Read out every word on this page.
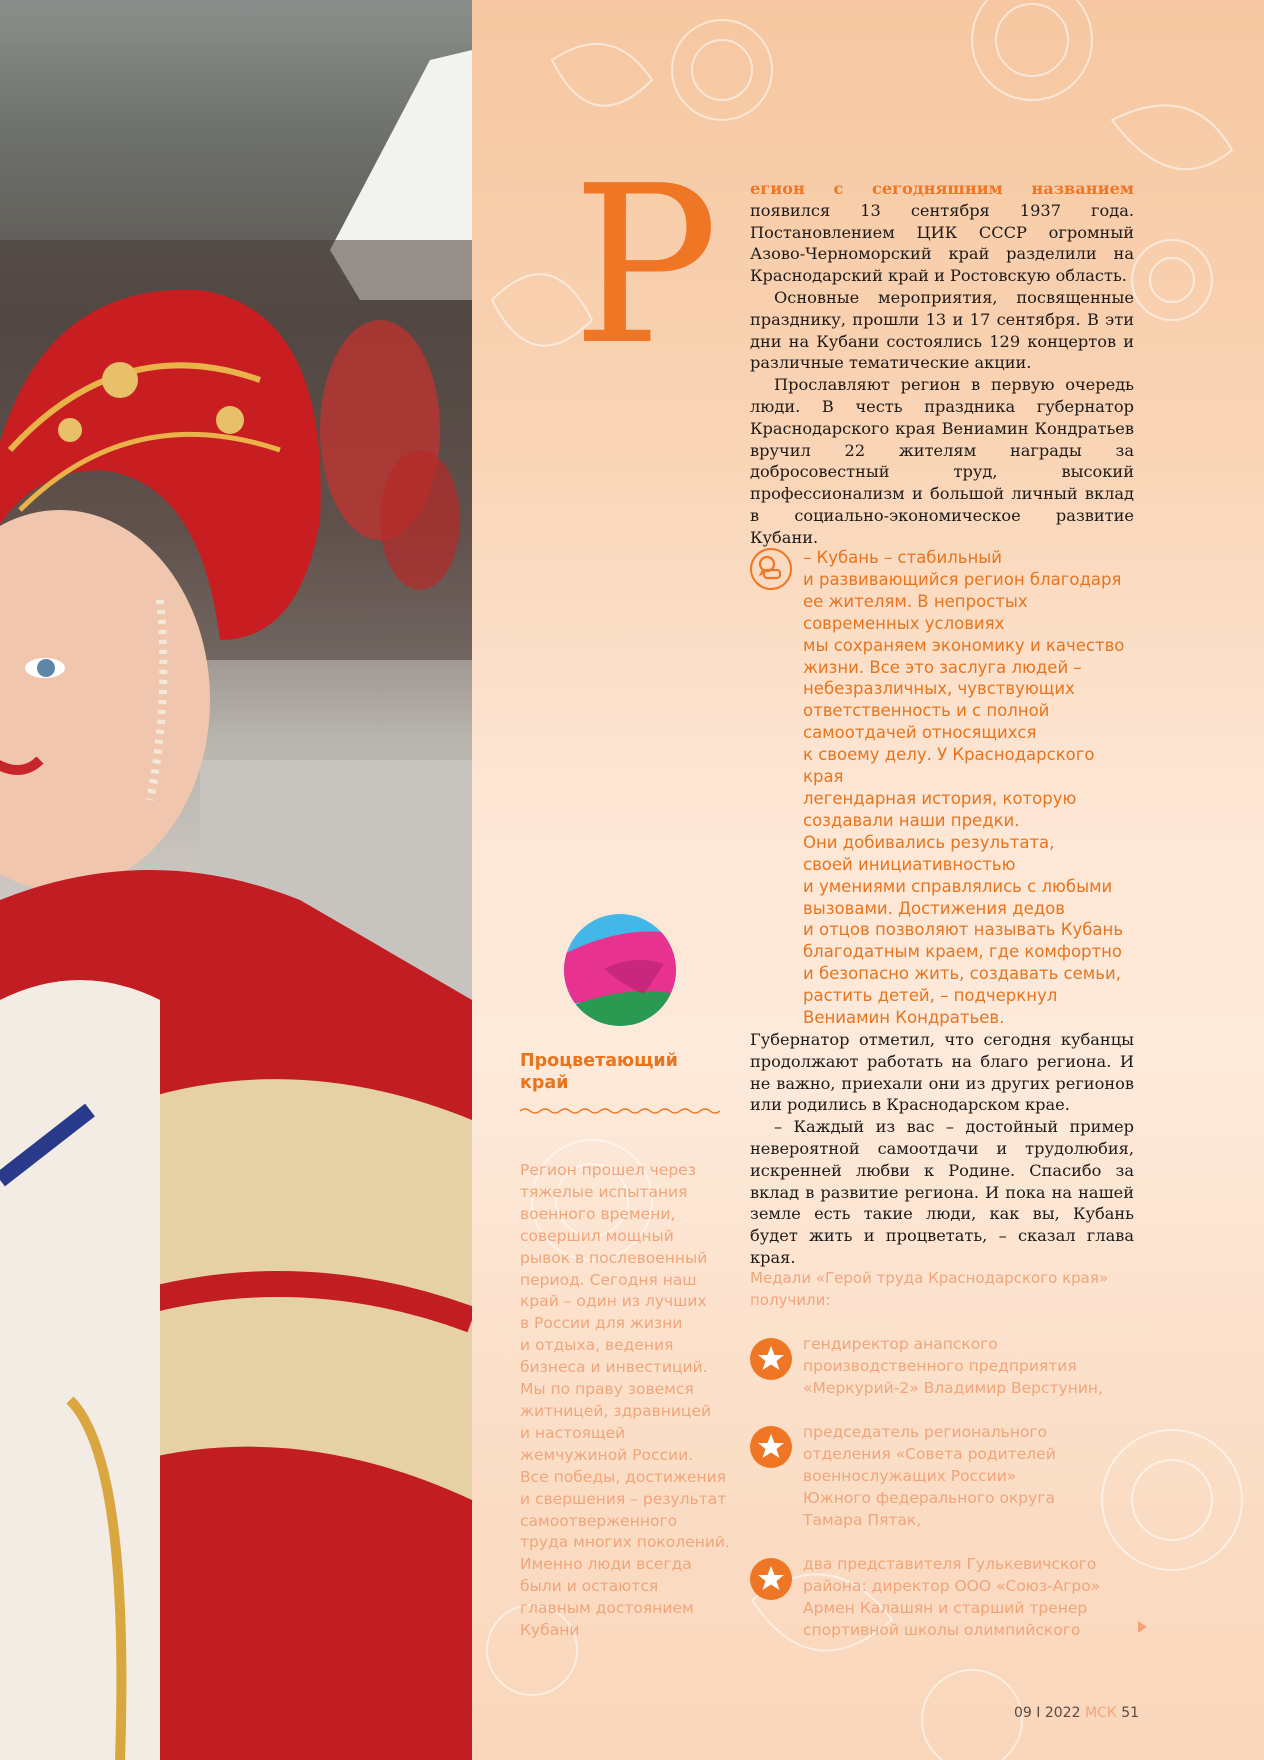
Р егион с сегодняшним названием появился 13 сентября 1937 года. Постановлением ЦИК СССР огромный Азово-Черноморский край разделили на Краснодарский край и Ростовскую область.

Основные мероприятия, посвященные празднику, прошли 13 и 17 сентября. В эти дни на Кубани состоялись 129 концертов и различные тематические акции.

Прославляют регион в первую очередь люди. В честь праздника губернатор Краснодарского края Вениамин Кондратьев вручил 22 жителям награды за добросовестный труд, высокий профессионализм и большой личный вклад в социально-экономическое развитие Кубани.

– Кубань – стабильный
и развивающийся регион благодаря
ее жителям. В непростых
современных условиях
мы сохраняем экономику и качество
жизни. Все это заслуга людей –
небезразличных, чувствующих
ответственность и с полной
самоотдачей относящихся
к своему делу. У Краснодарского края
легендарная история, которую
создавали наши предки.
Они добивались результата,
своей инициативностью
и умениями справлялись с любыми
вызовами. Достижения дедов
и отцов позволяют называть Кубань
благодатным краем, где комфортно
и безопасно жить, создавать семьи,
растить детей, – подчеркнул
Вениамин Кондратьев.

Губернатор отметил, что сегодня кубанцы продолжают работать на благо региона. И не важно, приехали они из других регионов или родились в Краснодарском крае.

– Каждый из вас – достойный пример невероятной самоотдачи и трудолюбия, искренней любви к Родине. Спасибо за вклад в развитие региона. И пока на нашей земле есть такие люди, как вы, Кубань будет жить и процветать, – сказал глава края.

Процветающий
край
Регион прошел через
тяжелые испытания
военного времени,
совершил мощный
рывок в послевоенный
период. Сегодня наш
край – один из лучших
в России для жизни
и отдыха, ведения
бизнеса и инвестиций.
Мы по праву зовемся
житницей, здравницей
и настоящей
жемчужиной России.
Все победы, достижения
и свершения – результат
самоотверженного
труда многих поколений.
Именно люди всегда
были и остаются
главным достоянием
Кубани
Медали «Герой труда Краснодарского края» получили:
гендиректор анапского
производственного предприятия
«Меркурий-2» Владимир Верстунин,
председатель регионального
отделения «Совета родителей
военнослужащих России»
Южного федерального округа
Тамара Пятак,
два представителя Гулькевичского
района: директор ООО «Союз-Агро»
Армен Калашян и старший тренер
спортивной школы олимпийского
09 I 2022 МСК 51
